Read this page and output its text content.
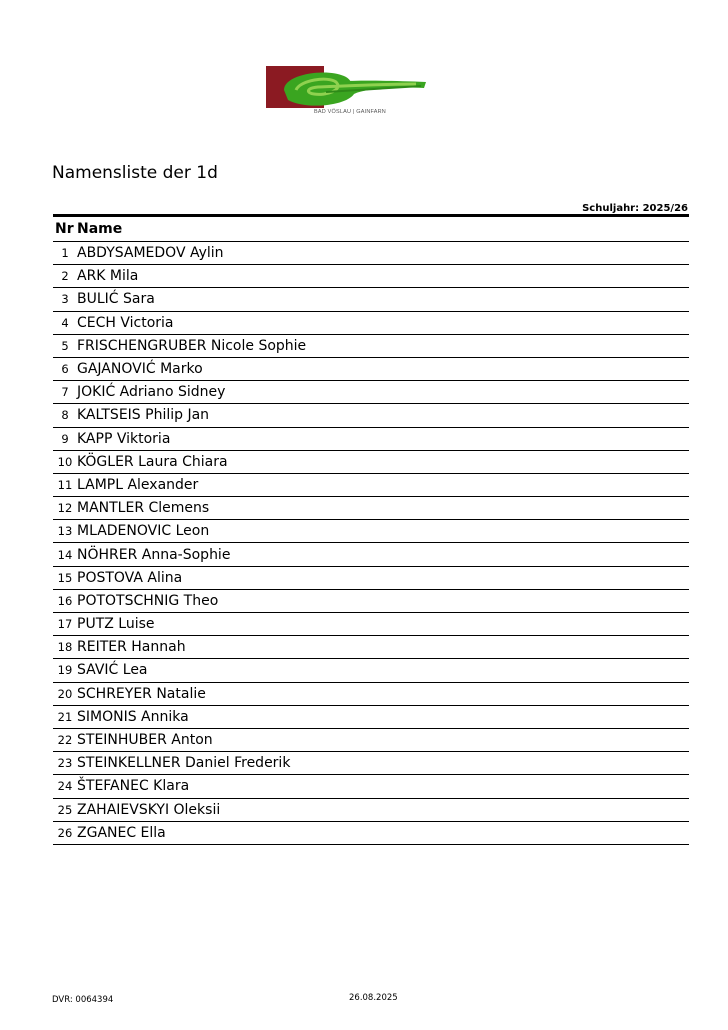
BAD VÖSLAU | GAINFARN
Namensliste der 1d
Schuljahr: 2025/26
Nr Name
1 ABDYSAMEDOV Aylin
2 ARK Mila
3 BULIĆ Sara
4 CECH Victoria
5 FRISCHENGRUBER Nicole Sophie
6 GAJANOVIĆ Marko
7 JOKIĆ Adriano Sidney
8 KALTSEIS Philip Jan
9 KAPP Viktoria
10 KÖGLER Laura Chiara
11 LAMPL Alexander
12 MANTLER Clemens
13 MLADENOVIC Leon
14 NÖHRER Anna-Sophie
15 POSTOVA Alina
16 POTOTSCHNIG Theo
17 PUTZ Luise
18 REITER Hannah
19 SAVIĆ Lea
20 SCHREYER Natalie
21 SIMONIS Annika
22 STEINHUBER Anton
23 STEINKELLNER Daniel Frederik
24 ŠTEFANEC Klara
25 ZAHAIEVSKYI Oleksii
26 ZGANEC Ella
DVR: 0064394	26.08.2025
